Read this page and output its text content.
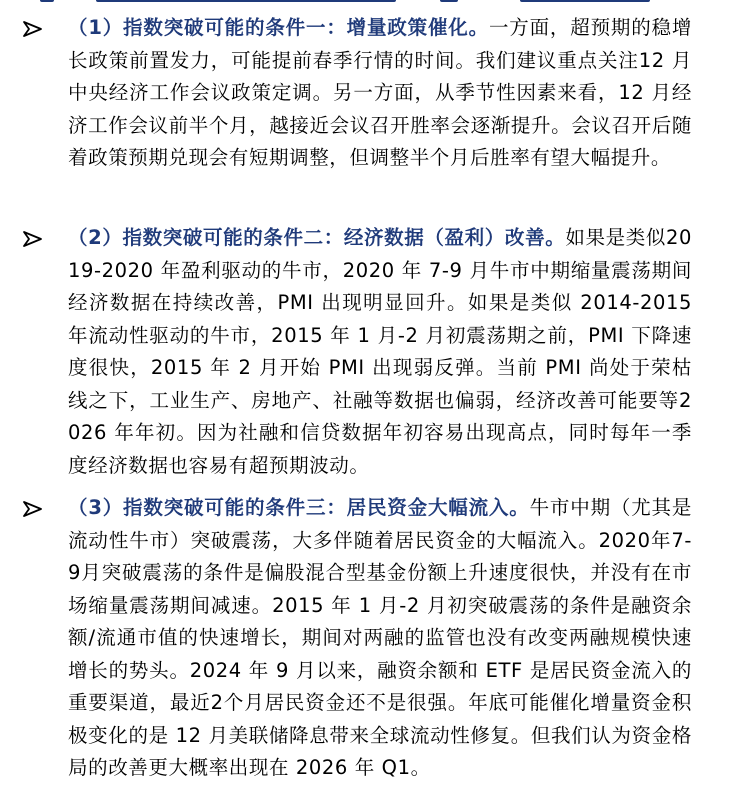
（1）指数突破可能的条件一：增量政策催化。一方面，超预期的稳增长政策前置发力，可能提前春季行情的时间。我们建议重点关注12 月中央经济工作会议政策定调。另一方面，从季节性因素来看，12 月经济工作会议前半个月，越接近会议召开胜率会逐渐提升。会议召开后随着政策预期兑现会有短期调整，但调整半个月后胜率有望大幅提升。
（2）指数突破可能的条件二：经济数据（盈利）改善。如果是类似2019-2020 年盈利驱动的牛市，2020 年 7-9 月牛市中期缩量震荡期间经济数据在持续改善，PMI 出现明显回升。如果是类似 2014-2015 年流动性驱动的牛市，2015 年 1 月-2 月初震荡期之前，PMI 下降速度很快，2015 年 2 月开始 PMI 出现弱反弹。当前 PMI 尚处于荣枯线之下，工业生产、房地产、社融等数据也偏弱，经济改善可能要等2026 年年初。因为社融和信贷数据年初容易出现高点，同时每年一季度经济数据也容易有超预期波动。
（3）指数突破可能的条件三：居民资金大幅流入。牛市中期（尤其是流动性牛市）突破震荡，大多伴随着居民资金的大幅流入。2020年7-9月突破震荡的条件是偏股混合型基金份额上升速度很快，并没有在市场缩量震荡期间减速。2015 年 1 月-2 月初突破震荡的条件是融资余额/流通市值的快速增长，期间对两融的监管也没有改变两融规模快速增长的势头。2024 年 9 月以来，融资余额和 ETF 是居民资金流入的重要渠道，最近2个月居民资金还不是很强。年底可能催化增量资金积极变化的是 12 月美联储降息带来全球流动性修复。但我们认为资金格局的改善更大概率出现在 2026 年 Q1。
